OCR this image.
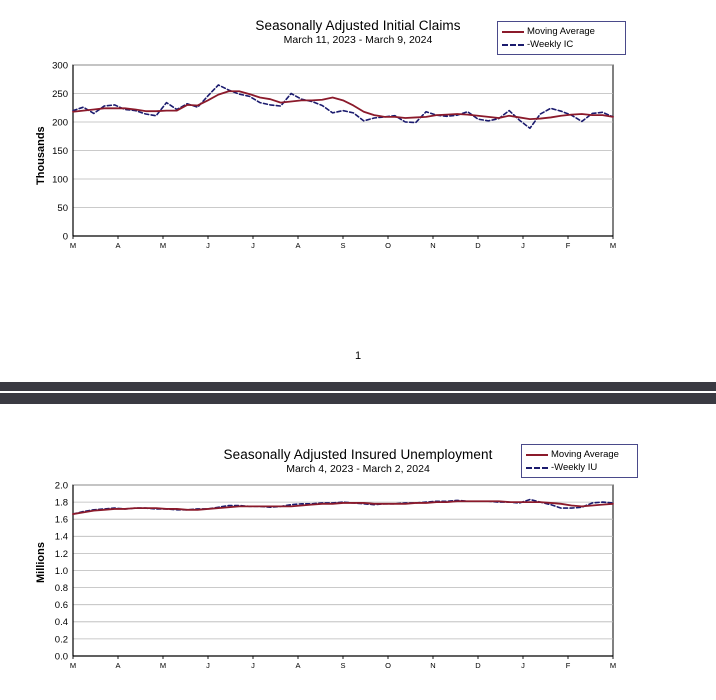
Seasonally Adjusted Initial Claims
March 11, 2023 - March 9, 2024
Moving Average
-Weekly IC
Thousands
0
50
100
150
200
250
300
M	A	M	J	J	A	S	O	N	D	J	F	M
1
Seasonally Adjusted Insured Unemployment
March 4, 2023 - March 2, 2024
Moving Average
-Weekly IU
Millions
0.0
0.2
0.4
0.6
0.8
1.0
1.2
1.4
1.6
1.8
2.0
M	A	M	J	J	A	S	O	N	D	J	F	M
